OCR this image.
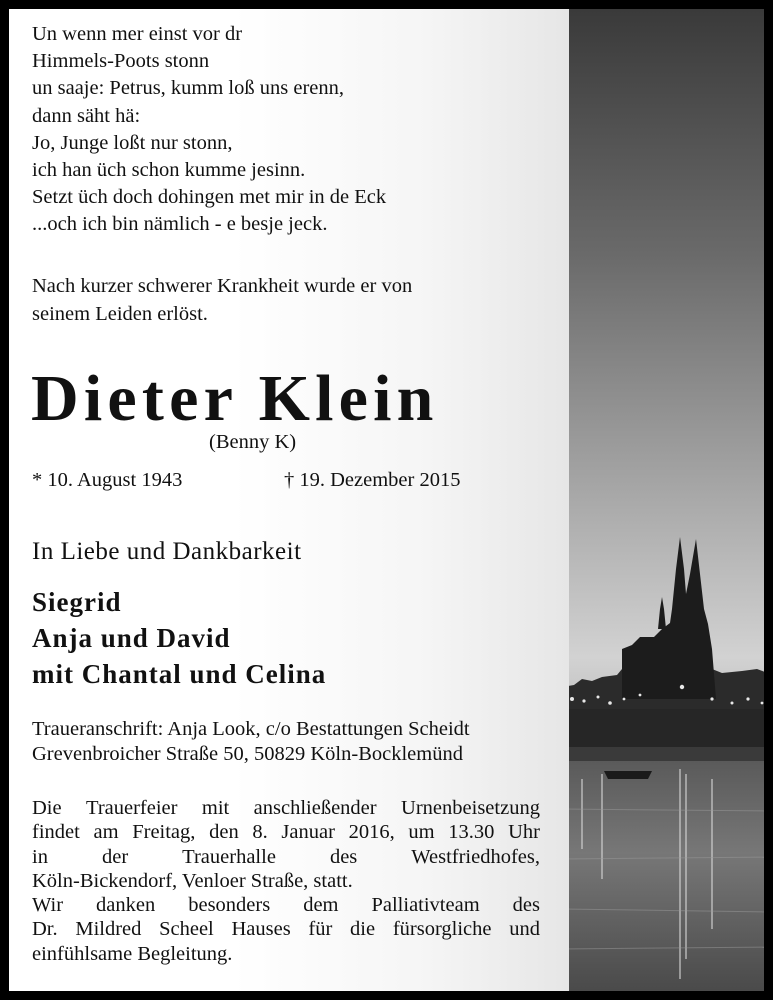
Un wenn mer einst vor dr
Himmels-Poots stonn
un saaje: Petrus, kumm loß uns erenn,
dann säht hä:
Jo, Junge loßt nur stonn,
ich han üch schon kumme jesinn.
Setzt üch doch dohingen met mir in de Eck
...och ich bin nämlich - e besje jeck.
Nach kurzer schwerer Krankheit wurde er von
seinem Leiden erlöst.
Dieter Klein
(Benny K)
* 10. August 1943	† 19. Dezember 2015
In Liebe und Dankbarkeit
Siegrid
Anja und David
mit Chantal und Celina
Traueranschrift: Anja Look, c/o Bestattungen Scheidt
Grevenbroicher Straße 50, 50829 Köln-Bocklemünd
Die Trauerfeier mit anschließender Urnenbeisetzung
findet am Freitag, den 8. Januar 2016, um 13.30 Uhr
in	der	Trauerhalle	des	Westfriedhofes,
Köln-Bickendorf, Venloer Straße, statt.
Wir danken besonders dem Palliativteam des
Dr. Mildred Scheel Hauses für die fürsorgliche und
einfühlsame Begleitung.
